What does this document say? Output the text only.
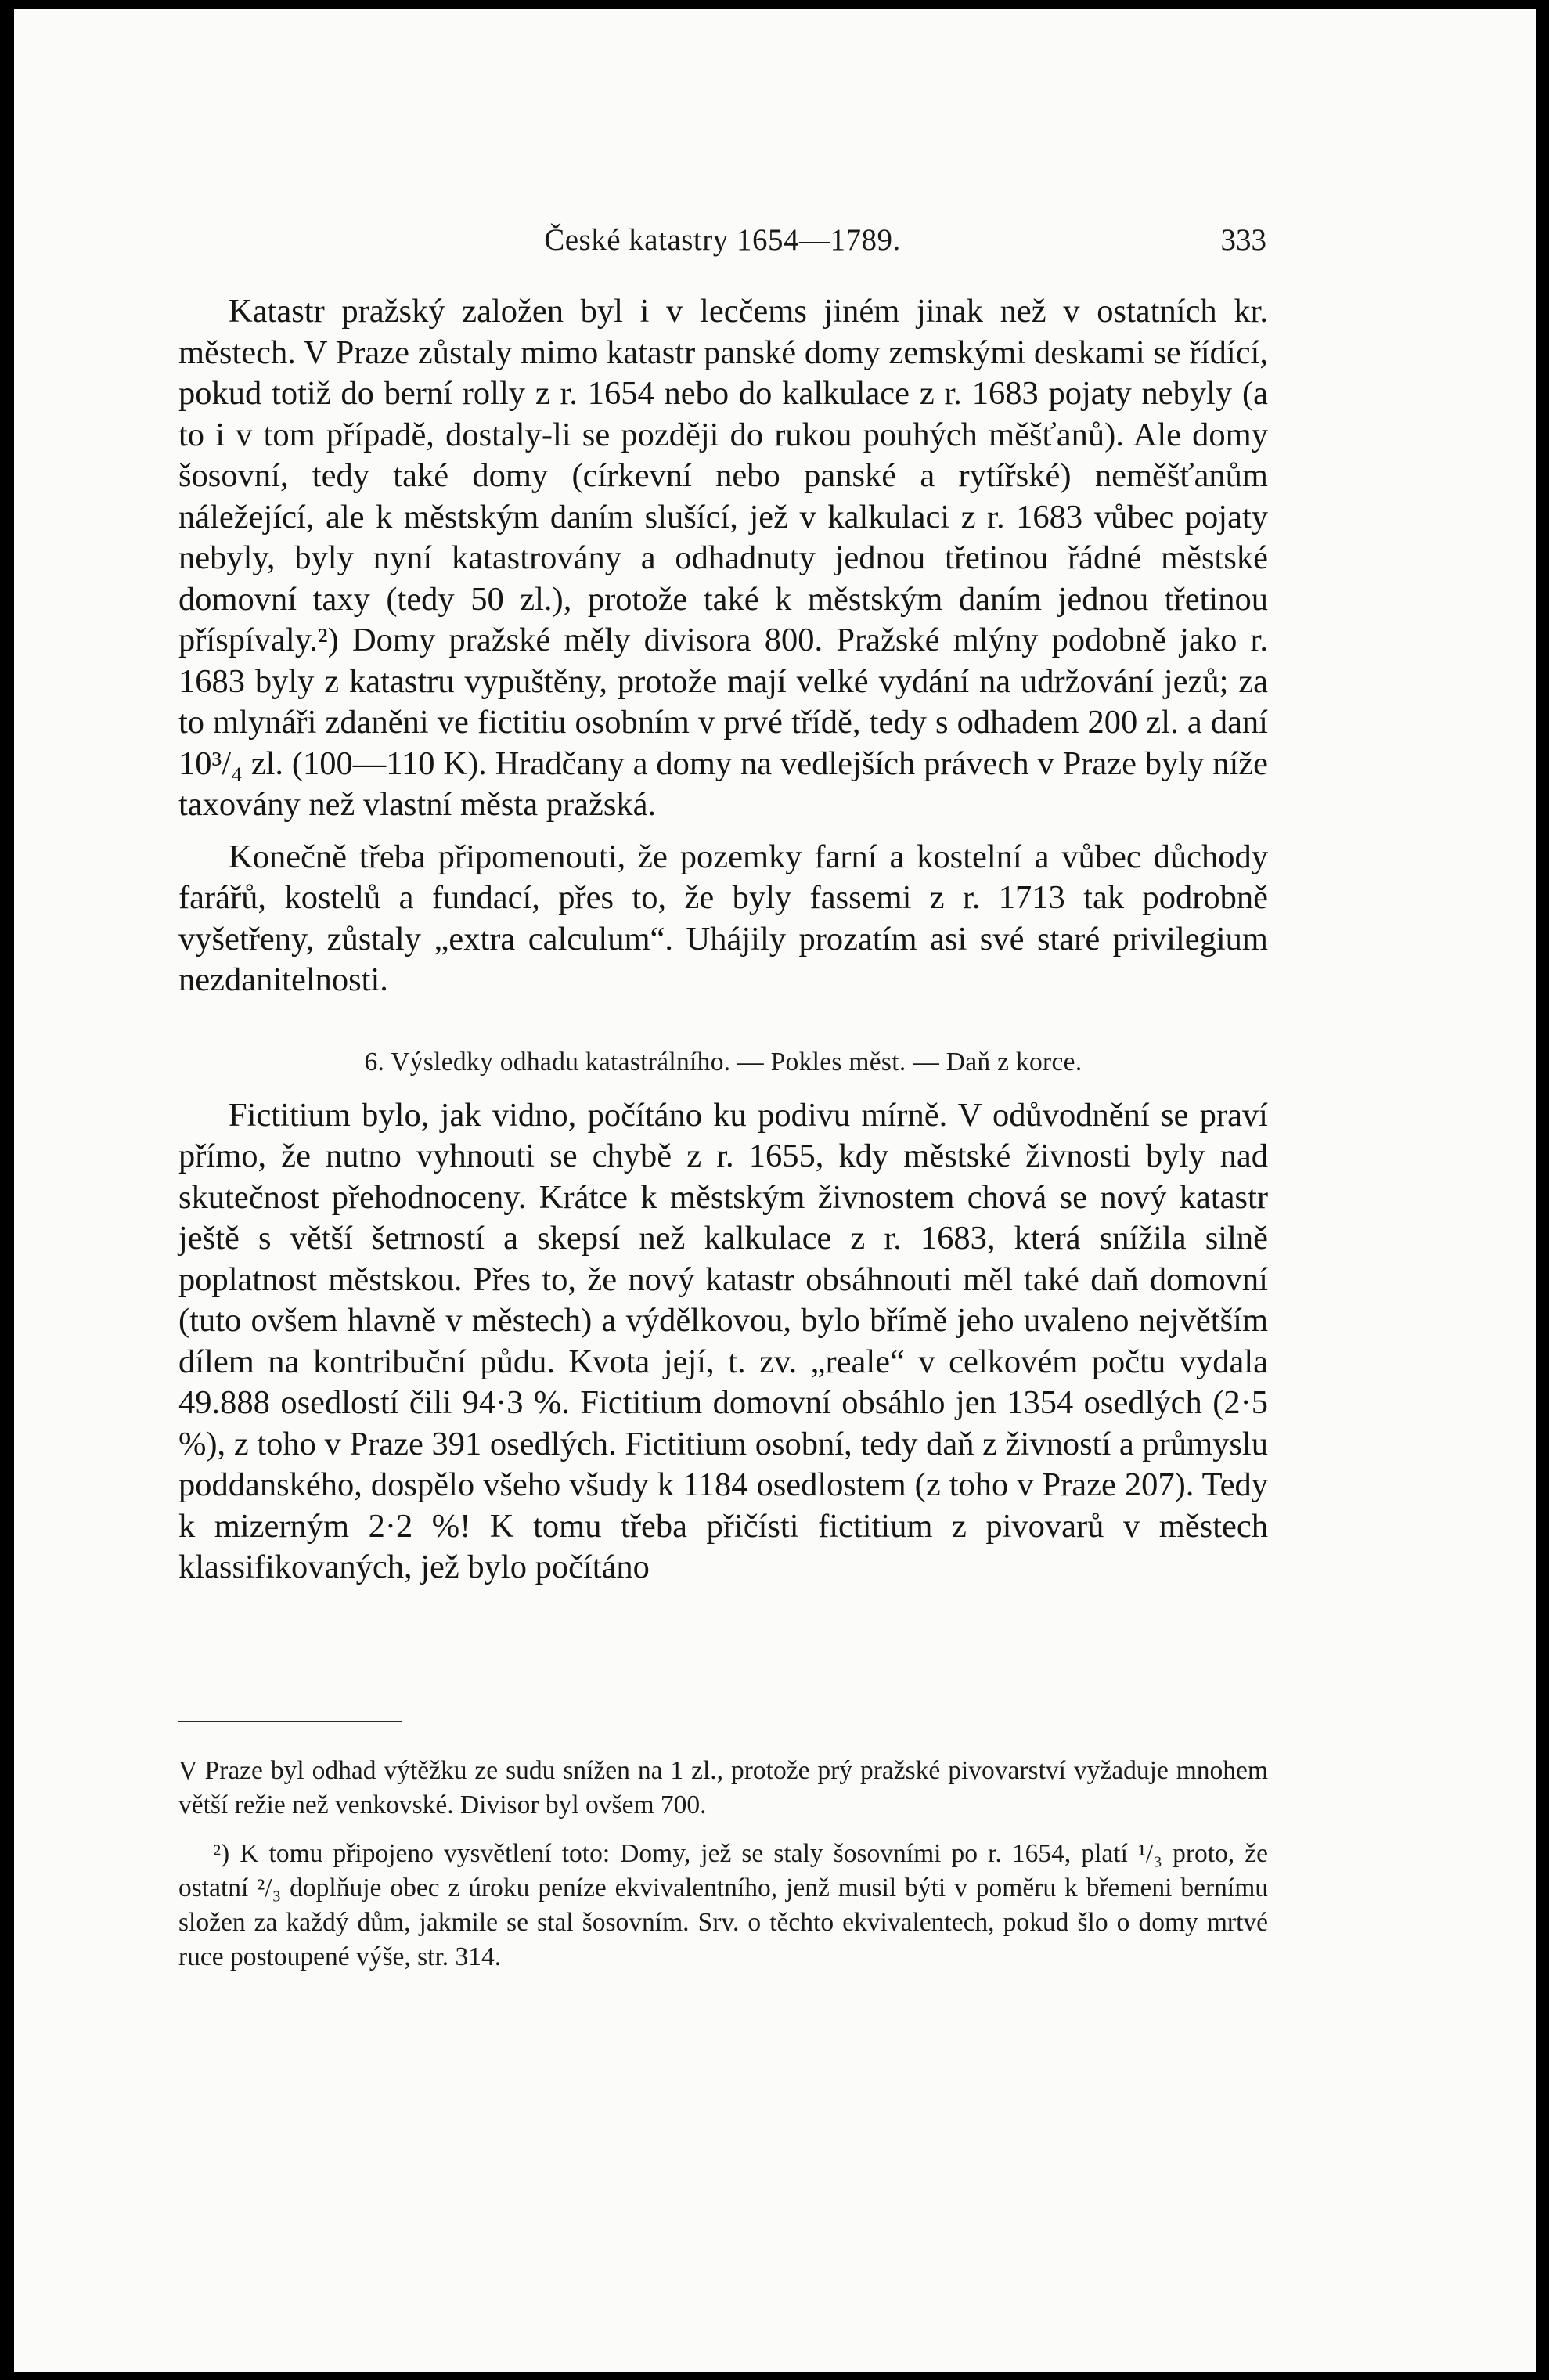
České katastry 1654—1789.	333

Katastr pražský založen byl i v lecčems jiném jinak než v ostatních kr. městech. V Praze zůstaly mimo katastr panské domy zemskými deskami se řídící, pokud totiž do berní rolly z r. 1654 nebo do kalkulace z r. 1683 pojaty nebyly (a to i v tom případě, dostaly-li se později do rukou pouhých měšťanů). Ale domy šosovní, tedy také domy (církevní nebo panské a rytířské) neměšťanům náležející, ale k městským daním slušící, jež v kalkulaci z r. 1683 vůbec pojaty nebyly, byly nyní katastrovány a odhadnuty jednou třetinou řádné městské domovní taxy (tedy 50 zl.), protože také k městským daním jednou třetinou příspívaly.²) Domy pražské měly divisora 800. Pražské mlýny podobně jako r. 1683 byly z katastru vypuštěny, protože mají velké vydání na udržování jezů; za to mlynáři zdaněni ve fictitiu osobním v prvé třídě, tedy s odhadem 200 zl. a daní 10³/₄ zl. (100—110 K). Hradčany a domy na vedlejších právech v Praze byly níže taxovány než vlastní města pražská.

Konečně třeba připomenouti, že pozemky farní a kostelní a vůbec důchody farářů, kostelů a fundací, přes to, že byly fassemi z r. 1713 tak podrobně vyšetřeny, zůstaly „extra calculum“. Uhájily prozatím asi své staré privilegium nezdanitelnosti.

6. Výsledky odhadu katastrálního. — Pokles měst. — Daň z korce.

Fictitium bylo, jak vidno, počítáno ku podivu mírně. V odůvodnění se praví přímo, že nutno vyhnouti se chybě z r. 1655, kdy městské živnosti byly nad skutečnost přehodnoceny. Krátce k městským živnostem chová se nový katastr ještě s větší šetrností a skepsí než kalkulace z r. 1683, která snížila silně poplatnost městskou. Přes to, že nový katastr obsáhnouti měl také daň domovní (tuto ovšem hlavně v městech) a výdělkovou, bylo břímě jeho uvaleno největším dílem na kontribuční půdu. Kvota její, t. zv. „reale“ v celkovém počtu vydala 49.888 osedlostí čili 94·3 %. Fictitium domovní obsáhlo jen 1354 osedlých (2·5 %), z toho v Praze 391 osedlých. Fictitium osobní, tedy daň z živností a průmyslu poddanského, dospělo všeho všudy k 1184 osedlostem (z toho v Praze 207). Tedy k mizerným 2·2 %! K tomu třeba přičísti fictitium z pivovarů v městech klassifikovaných, jež bylo počítáno

V Praze byl odhad výtěžku ze sudu snížen na 1 zl., protože prý pražské pivovarství vyžaduje mnohem větší režie než venkovské. Divisor byl ovšem 700.

²) K tomu připojeno vysvětlení toto: Domy, jež se staly šosovními po r. 1654, platí ¹/₃ proto, že ostatní ²/₃ doplňuje obec z úroku peníze ekvivalentního, jenž musil býti v poměru k břemeni bernímu složen za každý dům, jakmile se stal šosovním. Srv. o těchto ekvivalentech, pokud šlo o domy mrtvé ruce postoupené výše, str. 314.
